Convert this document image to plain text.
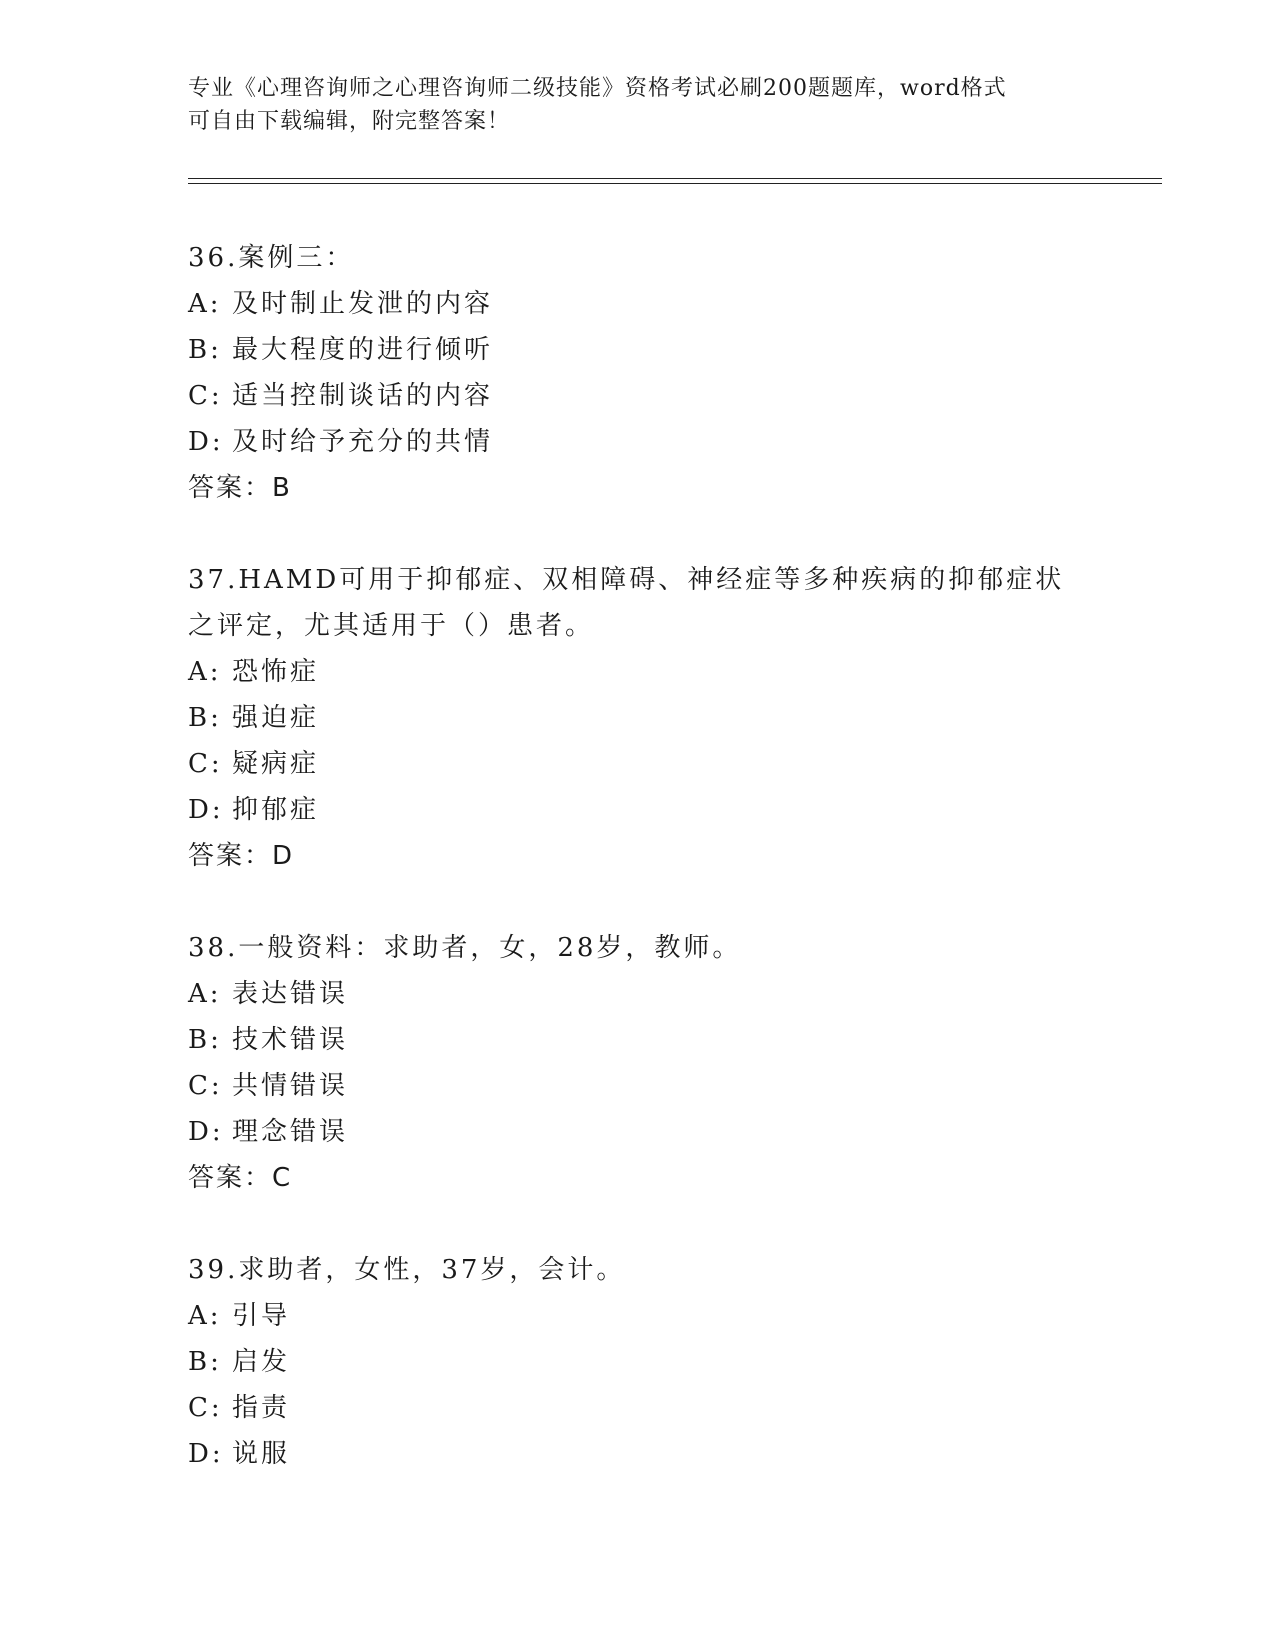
专业《心理咨询师之心理咨询师二级技能》资格考试必刷200题题库，word格式

可自由下载编辑，附完整答案！

36.案例三：

A: 及时制止发泄的内容
B: 最大程度的进行倾听
C: 适当控制谈话的内容
D: 及时给予充分的共情

答案：B

37.HAMD可用于抑郁症、双相障碍、神经症等多种疾病的抑郁症状之评定，尤其适用于（）患者。

A: 恐怖症
B: 强迫症
C: 疑病症
D: 抑郁症

答案：D

38.一般资料：求助者，女，28岁，教师。

A: 表达错误
B: 技术错误
C: 共情错误
D: 理念错误

答案：C

39.求助者，女性，37岁，会计。

A: 引导
B: 启发
C: 指责
D: 说服
